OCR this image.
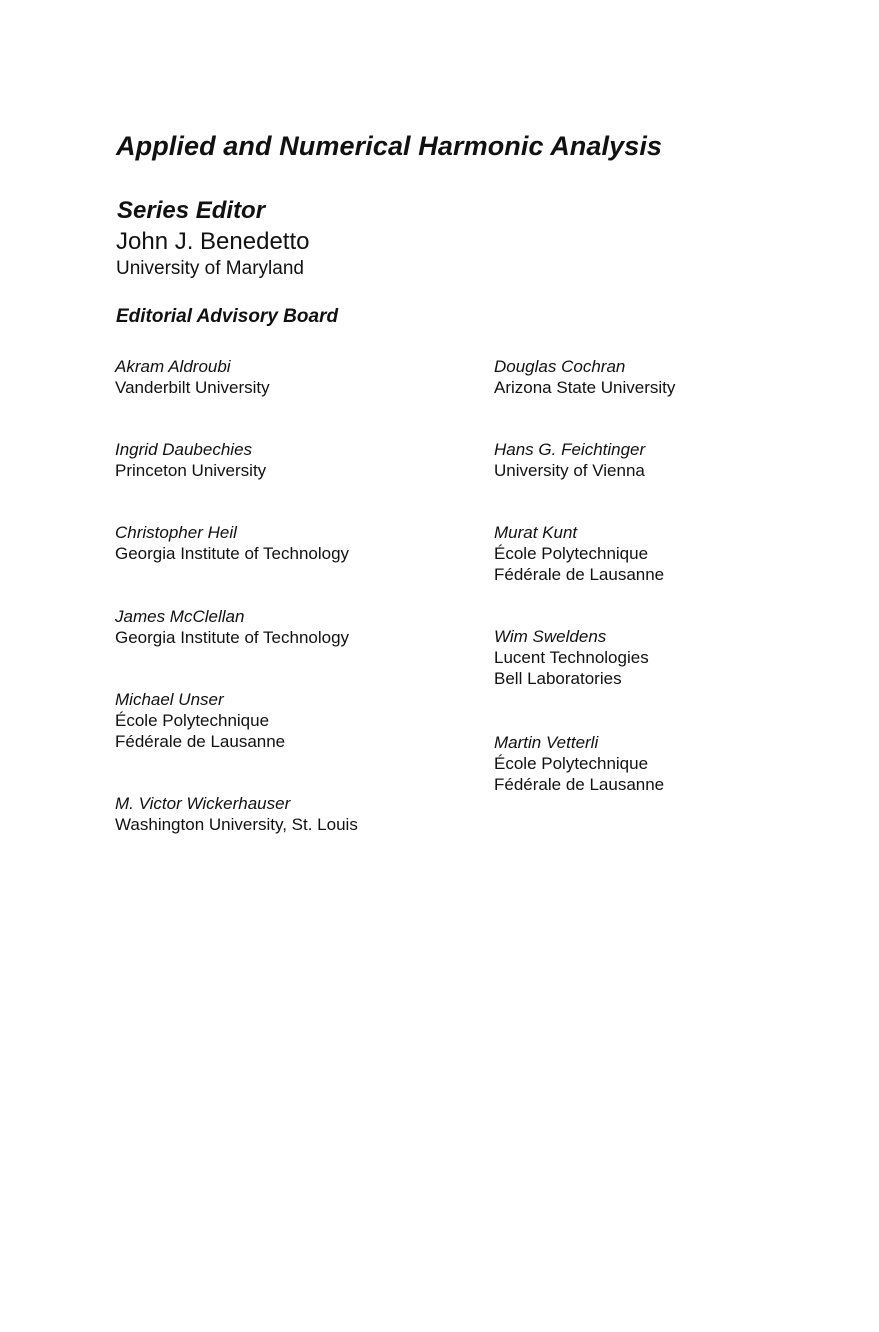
Applied and Numerical Harmonic Analysis
Series Editor
John J. Benedetto
University of Maryland
Editorial Advisory Board
Akram Aldroubi
Vanderbilt University
Ingrid Daubechies
Princeton University
Christopher Heil
Georgia Institute of Technology
James McClellan
Georgia Institute of Technology
Michael Unser
École Polytechnique
Fédérale de Lausanne
M. Victor Wickerhauser
Washington University, St. Louis
Douglas Cochran
Arizona State University
Hans G. Feichtinger
University of Vienna
Murat Kunt
École Polytechnique
Fédérale de Lausanne
Wim Sweldens
Lucent Technologies
Bell Laboratories
Martin Vetterli
École Polytechnique
Fédérale de Lausanne
